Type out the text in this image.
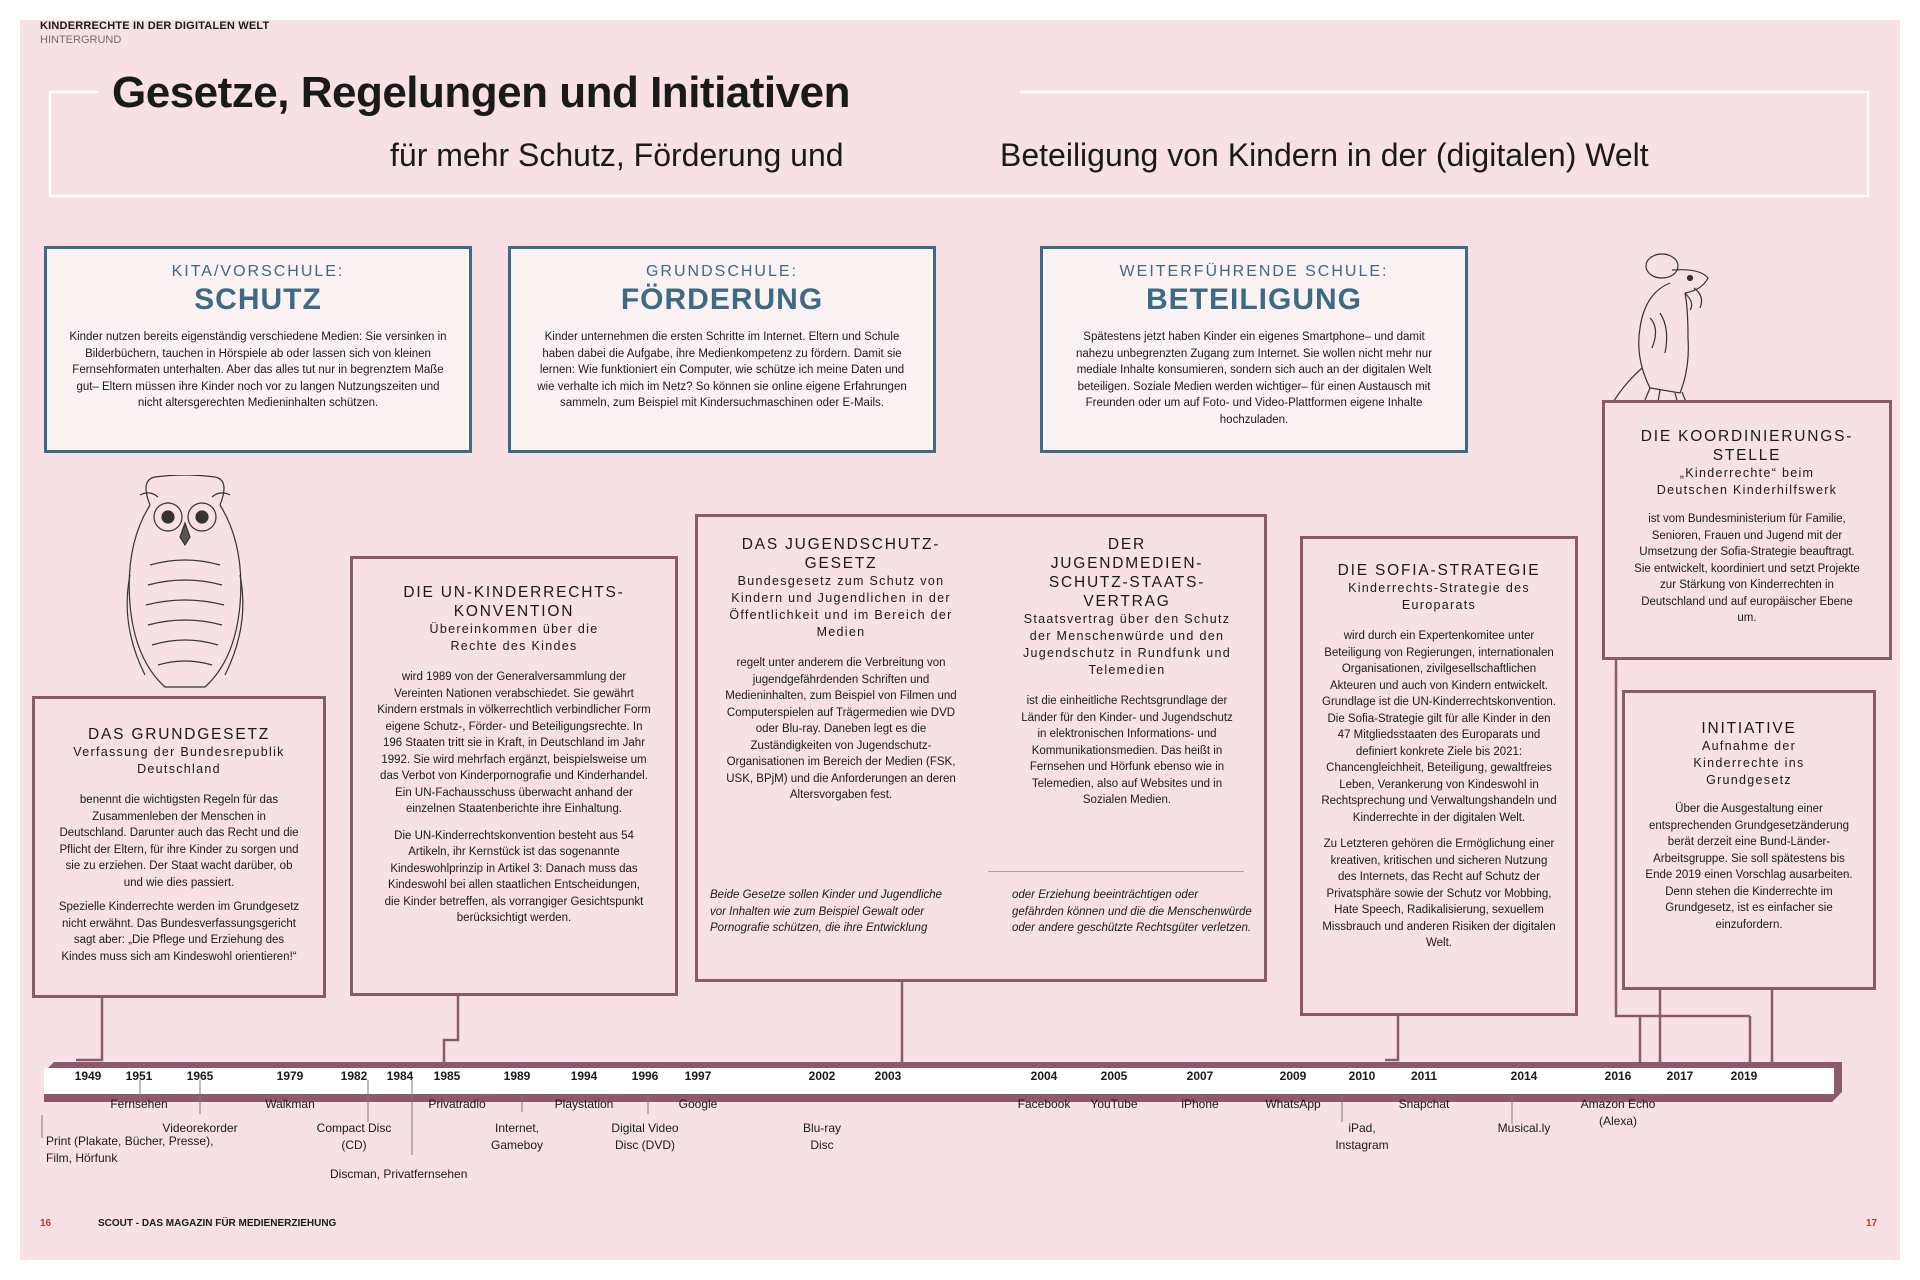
KINDERRECHTE IN DER DIGITALEN WELT
HINTERGRUND
Gesetze, Regelungen und Initiativen
für mehr Schutz, Förderung und	Beteiligung von Kindern in der (digitalen) Welt
KITA/VORSCHULE:
SCHUTZ
Kinder nutzen bereits eigenständig verschiedene Medien: Sie versinken in Bilderbüchern, tauchen in Hörspiele ab oder lassen sich von kleinen Fernsehformaten unterhalten. Aber das alles tut nur in begrenztem Maße gut– Eltern müssen ihre Kinder noch vor zu langen Nutzungszeiten und nicht altersgerechten Medieninhalten schützen.
GRUNDSCHULE:
FÖRDERUNG
Kinder unternehmen die ersten Schritte im Internet. Eltern und Schule haben dabei die Aufgabe, ihre Medienkompetenz zu fördern. Damit sie lernen: Wie funktioniert ein Computer, wie schütze ich meine Daten und wie verhalte ich mich im Netz? So können sie online eigene Erfahrungen sammeln, zum Beispiel mit Kindersuchmaschinen oder E-Mails.
WEITERFÜHRENDE SCHULE:
BETEILIGUNG
Spätestens jetzt haben Kinder ein eigenes Smartphone– und damit nahezu unbegrenzten Zugang zum Internet. Sie wollen nicht mehr nur mediale Inhalte konsumieren, sondern sich auch an der digitalen Welt beteiligen. Soziale Medien werden wichtiger– für einen Austausch mit Freunden oder um auf Foto- und Video-Plattformen eigene Inhalte hochzuladen.
DAS GRUNDGESETZ
Verfassung der Bundesrepublik Deutschland
benennt die wichtigsten Regeln für das Zusammenleben der Menschen in Deutschland. Darunter auch das Recht und die Pflicht der Eltern, für ihre Kinder zu sorgen und sie zu erziehen. Der Staat wacht darüber, ob und wie dies passiert.
Spezielle Kinderrechte werden im Grundgesetz nicht erwähnt. Das Bundesverfassungsgericht sagt aber: „Die Pflege und Erziehung des Kindes muss sich am Kindeswohl orientieren!“
DIE UN-KINDERRECHTS-KONVENTION
Übereinkommen über die Rechte des Kindes
wird 1989 von der Generalversammlung der Vereinten Nationen verabschiedet. Sie gewährt Kindern erstmals in völkerrechtlich verbindlicher Form eigene Schutz-, Förder- und Beteiligungsrechte. In 196 Staaten tritt sie in Kraft, in Deutschland im Jahr 1992. Sie wird mehrfach ergänzt, beispielsweise um das Verbot von Kinderpornografie und Kinderhandel. Ein UN-Fachausschuss überwacht anhand der einzelnen Staatenberichte ihre Einhaltung.
Die UN-Kinderrechtskonvention besteht aus 54 Artikeln, ihr Kernstück ist das sogenannte Kindeswohlprinzip in Artikel 3: Danach muss das Kindeswohl bei allen staatlichen Entscheidungen, die Kinder betreffen, als vorrangiger Gesichtspunkt berücksichtigt werden.
DAS JUGENDSCHUTZ-GESETZ
Bundesgesetz zum Schutz von Kindern und Jugendlichen in der Öffentlichkeit und im Bereich der Medien
regelt unter anderem die Verbreitung von jugendgefährdenden Schriften und Medieninhalten, zum Beispiel von Filmen und Computerspielen auf Trägermedien wie DVD oder Blu-ray. Daneben legt es die Zuständigkeiten von Jugendschutz-Organisationen im Bereich der Medien (FSK, USK, BPjM) und die Anforderungen an deren Altersvorgaben fest.
DER JUGENDMEDIEN-SCHUTZ-STAATS-VERTRAG
Staatsvertrag über den Schutz der Menschenwürde und den Jugendschutz in Rundfunk und Telemedien
ist die einheitliche Rechtsgrundlage der Länder für den Kinder- und Jugendschutz in elektronischen Informations- und Kommunikationsmedien. Das heißt in Fernsehen und Hörfunk ebenso wie in Telemedien, also auf Websites und in Sozialen Medien.
Beide Gesetze sollen Kinder und Jugendliche vor Inhalten wie zum Beispiel Gewalt oder Pornografie schützen, die ihre Entwicklung
oder Erziehung beeinträchtigen oder gefährden können und die die Menschenwürde oder andere geschützte Rechtsgüter verletzen.
DIE SOFIA-STRATEGIE
Kinderrechts-Strategie des Europarats
wird durch ein Expertenkomitee unter Beteiligung von Regierungen, internationalen Organisationen, zivilgesellschaftlichen Akteuren und auch von Kindern entwickelt. Grundlage ist die UN-Kinderrechtskonvention. Die Sofia-Strategie gilt für alle Kinder in den 47 Mitgliedsstaaten des Europarats und definiert konkrete Ziele bis 2021: Chancengleichheit, Beteiligung, gewaltfreies Leben, Verankerung von Kindeswohl in Rechtsprechung und Verwaltungshandeln und Kinderrechte in der digitalen Welt.
Zu Letzteren gehören die Ermöglichung einer kreativen, kritischen und sicheren Nutzung des Internets, das Recht auf Schutz der Privatsphäre sowie der Schutz vor Mobbing, Hate Speech, Radikalisierung, sexuellem Missbrauch und anderen Risiken der digitalen Welt.
DIE KOORDINIERUNGS-STELLE
„Kinderrechte“ beim Deutschen Kinderhilfswerk
ist vom Bundesministerium für Familie, Senioren, Frauen und Jugend mit der Umsetzung der Sofia-Strategie beauftragt. Sie entwickelt, koordiniert und setzt Projekte zur Stärkung von Kinderrechten in Deutschland und auf europäischer Ebene um.
INITIATIVE
Aufnahme der Kinderrechte ins Grundgesetz
Über die Ausgestaltung einer entsprechenden Grundgesetzänderung berät derzeit eine Bund-Länder-Arbeitsgruppe. Sie soll spätestens bis Ende 2019 einen Vorschlag ausarbeiten. Denn stehen die Kinderrechte im Grundgesetz, ist es einfacher sie einzufordern.
1949 1951	1965	1979	1982 1984 1985	1989	1994	1996 1997	2002	2003	2004	2005	2007	2009	2010	2011	2014	2016	2017	2019
Print (Plakate, Bücher, Presse), Film, Hörfunk
Fernsehen
Videorekorder
Walkman
Compact Disc (CD)
Discman, Privatfernsehen
Privatradio
Internet, Gameboy
Playstation
Digital Video Disc (DVD)
Google
Blu-ray Disc
Facebook YouTube	iPhone	WhatsApp
iPad, Instagram
Snapchat
Musical.ly
Amazon Echo (Alexa)
16	SCOUT - DAS MAGAZIN FÜR MEDIENERZIEHUNG	17
